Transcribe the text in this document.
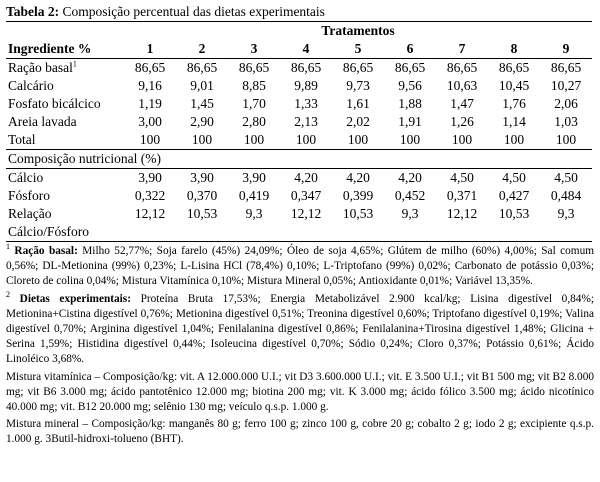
Tabela 2: Composição percentual das dietas experimentais
	Tratamentos								
Ingrediente %	1	2	3	4	5	6	7	8	9
Ração basal$^1$	86,65	86,65	86,65	86,65	86,65	86,65	86,65	86,65	86,65
Calcário	9,16	9,01	8,85	9,89	9,73	9,56	10,63	10,45	10,27
Fosfato bicálcico	1,19	1,45	1,70	1,33	1,61	1,88	1,47	1,76	2,06
Areia lavada	3,00	2,90	2,80	2,13	2,02	1,91	1,26	1,14	1,03
Total	100	100	100	100	100	100	100	100	100
Composição nutricional (%)									
Cálcio	3,90	3,90	3,90	4,20	4,20	4,20	4,50	4,50	4,50
Fósforo	0,322	0,370	0,419	0,347	0,399	0,452	0,371	0,427	0,484
Relação	12,12	10,53	9,3	12,12	10,53	9,3	12,12	10,53	9,3
Cálcio/Fósforo									

$^1$ Ração basal: Milho 52,77%; Soja farelo (45%) 24,09%; Óleo de soja 4,65%; Glútem de milho (60%) 4,00%; Sal comum 0,56%; DL-Metionina (99%) 0,23%; L-Lisina HCl (78,4%) 0,10%; L-Triptofano (99%) 0,02%; Carbonato de potássio 0,03%; Cloreto de colina 0,04%; Mistura Vitamínica 0,10%; Mistura Mineral 0,05%; Antioxidante 0,01%; Variável 13,35%.

$^2$ Dietas experimentais: Proteína Bruta 17,53%; Energia Metabolizável 2.900 kcal/kg; Lisina digestível 0,84%; Metionina+Cistina digestível 0,76%; Metionina digestível 0,51%; Treonina digestível 0,60%; Triptofano digestível 0,19%; Valina digestível 0,70%; Arginina digestível 1,04%; Fenilalanina digestível 0,86%; Fenilalanina+Tirosina digestível 1,48%; Glicina + Serina 1,59%; Histidina digestível 0,44%; Isoleucina digestível 0,70%; Sódio 0,24%; Cloro 0,37%; Potássio 0,61%; Ácido Linoléico 3,68%.

Mistura vitamínica – Composição/kg: vit. A 12.000.000 U.I.; vit D3 3.600.000 U.I.; vit. E 3.500 U.I.; vit B1 500 mg; vit B2 8.000 mg; vit B6 3.000 mg; ácido pantotênico 12.000 mg; biotina 200 mg; vit. K 3.000 mg; ácido fólico 3.500 mg; ácido nicotínico 40.000 mg; vit. B12 20.000 mg; selênio 130 mg; veículo q.s.p. 1.000 g.

Mistura mineral – Composição/kg: manganês 80 g; ferro 100 g; zinco 100 g, cobre 20 g; cobalto 2 g; iodo 2 g; excipiente q.s.p. 1.000 g. 3Butil-hidroxi-tolueno (BHT).
